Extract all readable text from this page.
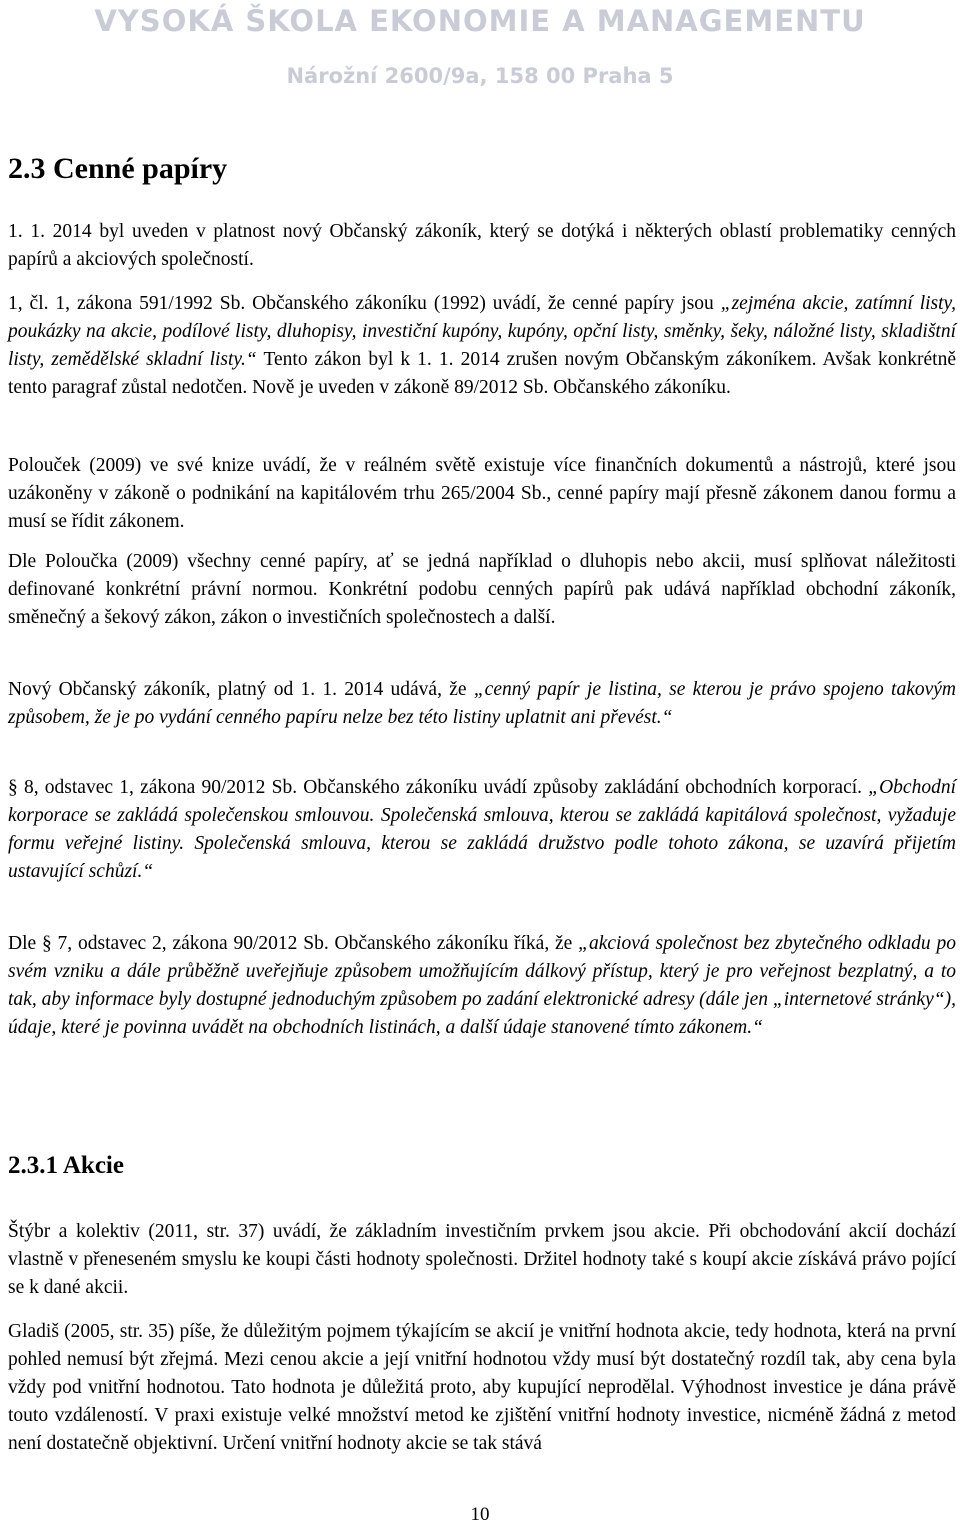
VYSOKÁ ŠKOLA EKONOMIE A MANAGEMENTU
Nárožní 2600/9a, 158 00 Praha 5
2.3 Cenné papíry

1. 1. 2014 byl uveden v platnost nový Občanský zákoník, který se dotýká i některých oblastí problematiky cenných papírů a akciových společností.

1, čl. 1, zákona 591/1992 Sb. Občanského zákoníku (1992) uvádí, že cenné papíry jsou „zejména akcie, zatímní listy, poukázky na akcie, podílové listy, dluhopisy, investiční kupóny, kupóny, opční listy, směnky, šeky, náložné listy, skladištní listy, zemědělské skladní listy.“ Tento zákon byl k 1. 1. 2014 zrušen novým Občanským zákoníkem. Avšak konkrétně tento paragraf zůstal nedotčen. Nově je uveden v zákoně 89/2012 Sb. Občanského zákoníku.

Polouček (2009) ve své knize uvádí, že v reálném světě existuje více finančních dokumentů a nástrojů, které jsou uzákoněny v zákoně o podnikání na kapitálovém trhu 265/2004 Sb., cenné papíry mají přesně zákonem danou formu a musí se řídit zákonem.

Dle Poloučka (2009) všechny cenné papíry, ať se jedná například o dluhopis nebo akcii, musí splňovat náležitosti definované konkrétní právní normou. Konkrétní podobu cenných papírů pak udává například obchodní zákoník, směnečný a šekový zákon, zákon o investičních společnostech a další.

Nový Občanský zákoník, platný od 1. 1. 2014 udává, že „cenný papír je listina, se kterou je právo spojeno takovým způsobem, že je po vydání cenného papíru nelze bez této listiny uplatnit ani převést.“

§ 8, odstavec 1, zákona 90/2012 Sb. Občanského zákoníku uvádí způsoby zakládání obchodních korporací. „Obchodní korporace se zakládá společenskou smlouvou. Společenská smlouva, kterou se zakládá kapitálová společnost, vyžaduje formu veřejné listiny. Společenská smlouva, kterou se zakládá družstvo podle tohoto zákona, se uzavírá přijetím ustavující schůzí.“

Dle § 7, odstavec 2, zákona 90/2012 Sb. Občanského zákoníku říká, že „akciová společnost bez zbytečného odkladu po svém vzniku a dále průběžně uveřejňuje způsobem umožňujícím dálkový přístup, který je pro veřejnost bezplatný, a to tak, aby informace byly dostupné jednoduchým způsobem po zadání elektronické adresy (dále jen „internetové stránky“), údaje, které je povinna uvádět na obchodních listinách, a další údaje stanovené tímto zákonem.“

2.3.1 Akcie

Štýbr a kolektiv (2011, str. 37) uvádí, že základním investičním prvkem jsou akcie. Při obchodování akcií dochází vlastně v přeneseném smyslu ke koupi části hodnoty společnosti. Držitel hodnoty také s koupí akcie získává právo pojící se k dané akcii.

Gladiš (2005, str. 35) píše, že důležitým pojmem týkajícím se akcií je vnitřní hodnota akcie, tedy hodnota, která na první pohled nemusí být zřejmá. Mezi cenou akcie a její vnitřní hodnotou vždy musí být dostatečný rozdíl tak, aby cena byla vždy pod vnitřní hodnotou. Tato hodnota je důležitá proto, aby kupující neprodělal. Výhodnost investice je dána právě touto vzdáleností. V praxi existuje velké množství metod ke zjištění vnitřní hodnoty investice, nicméně žádná z metod není dostatečně objektivní. Určení vnitřní hodnoty akcie se tak stává

10
